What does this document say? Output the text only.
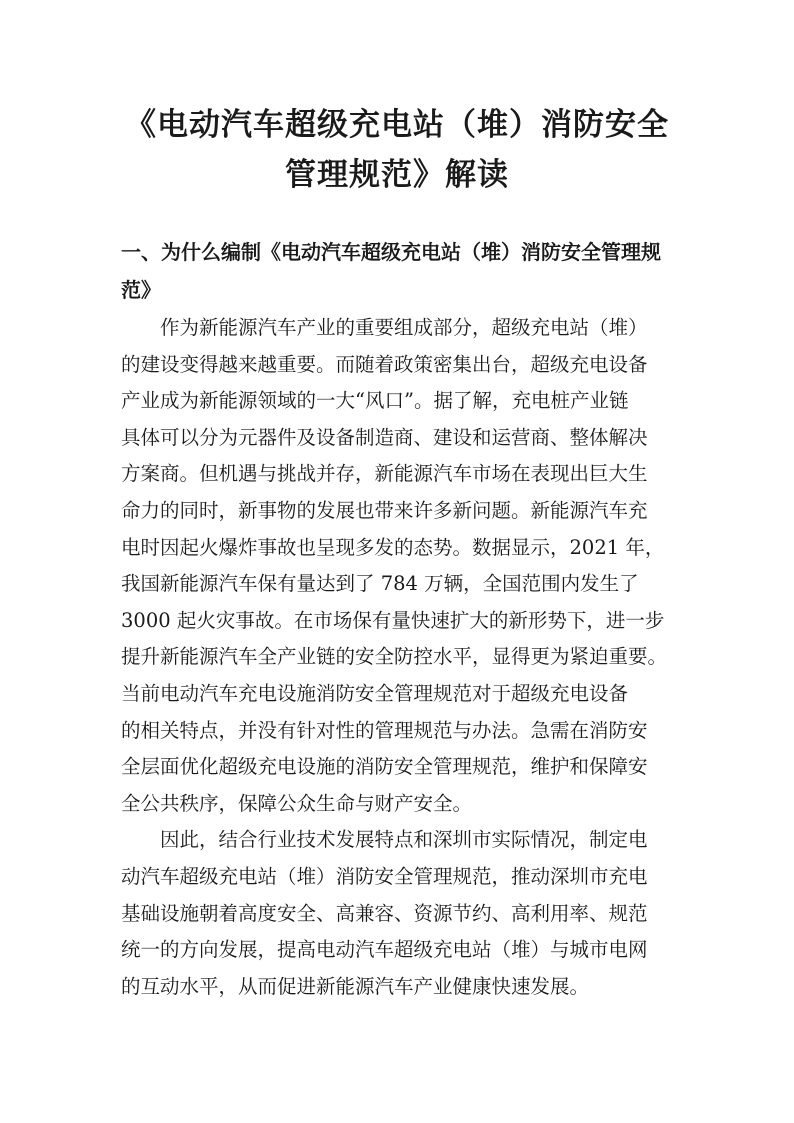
《电动汽车超级充电站（堆）消防安全
管理规范》解读
一、为什么编制《电动汽车超级充电站（堆）消防安全管理规
范》
作为新能源汽车产业的重要组成部分，超级充电站（堆）
的建设变得越来越重要。而随着政策密集出台，超级充电设备
产业成为新能源领域的一大“风口”。据了解，充电桩产业链
具体可以分为元器件及设备制造商、建设和运营商、整体解决
方案商。但机遇与挑战并存，新能源汽车市场在表现出巨大生
命力的同时，新事物的发展也带来许多新问题。新能源汽车充
电时因起火爆炸事故也呈现多发的态势。数据显示，2021 年，
我国新能源汽车保有量达到了 784 万辆，全国范围内发生了
3000 起火灾事故。在市场保有量快速扩大的新形势下，进一步
提升新能源汽车全产业链的安全防控水平，显得更为紧迫重要。
当前电动汽车充电设施消防安全管理规范对于超级充电设备
的相关特点，并没有针对性的管理规范与办法。急需在消防安
全层面优化超级充电设施的消防安全管理规范，维护和保障安
全公共秩序，保障公众生命与财产安全。
因此，结合行业技术发展特点和深圳市实际情况，制定电
动汽车超级充电站（堆）消防安全管理规范，推动深圳市充电
基础设施朝着高度安全、高兼容、资源节约、高利用率、规范
统一的方向发展，提高电动汽车超级充电站（堆）与城市电网
的互动水平，从而促进新能源汽车产业健康快速发展。
